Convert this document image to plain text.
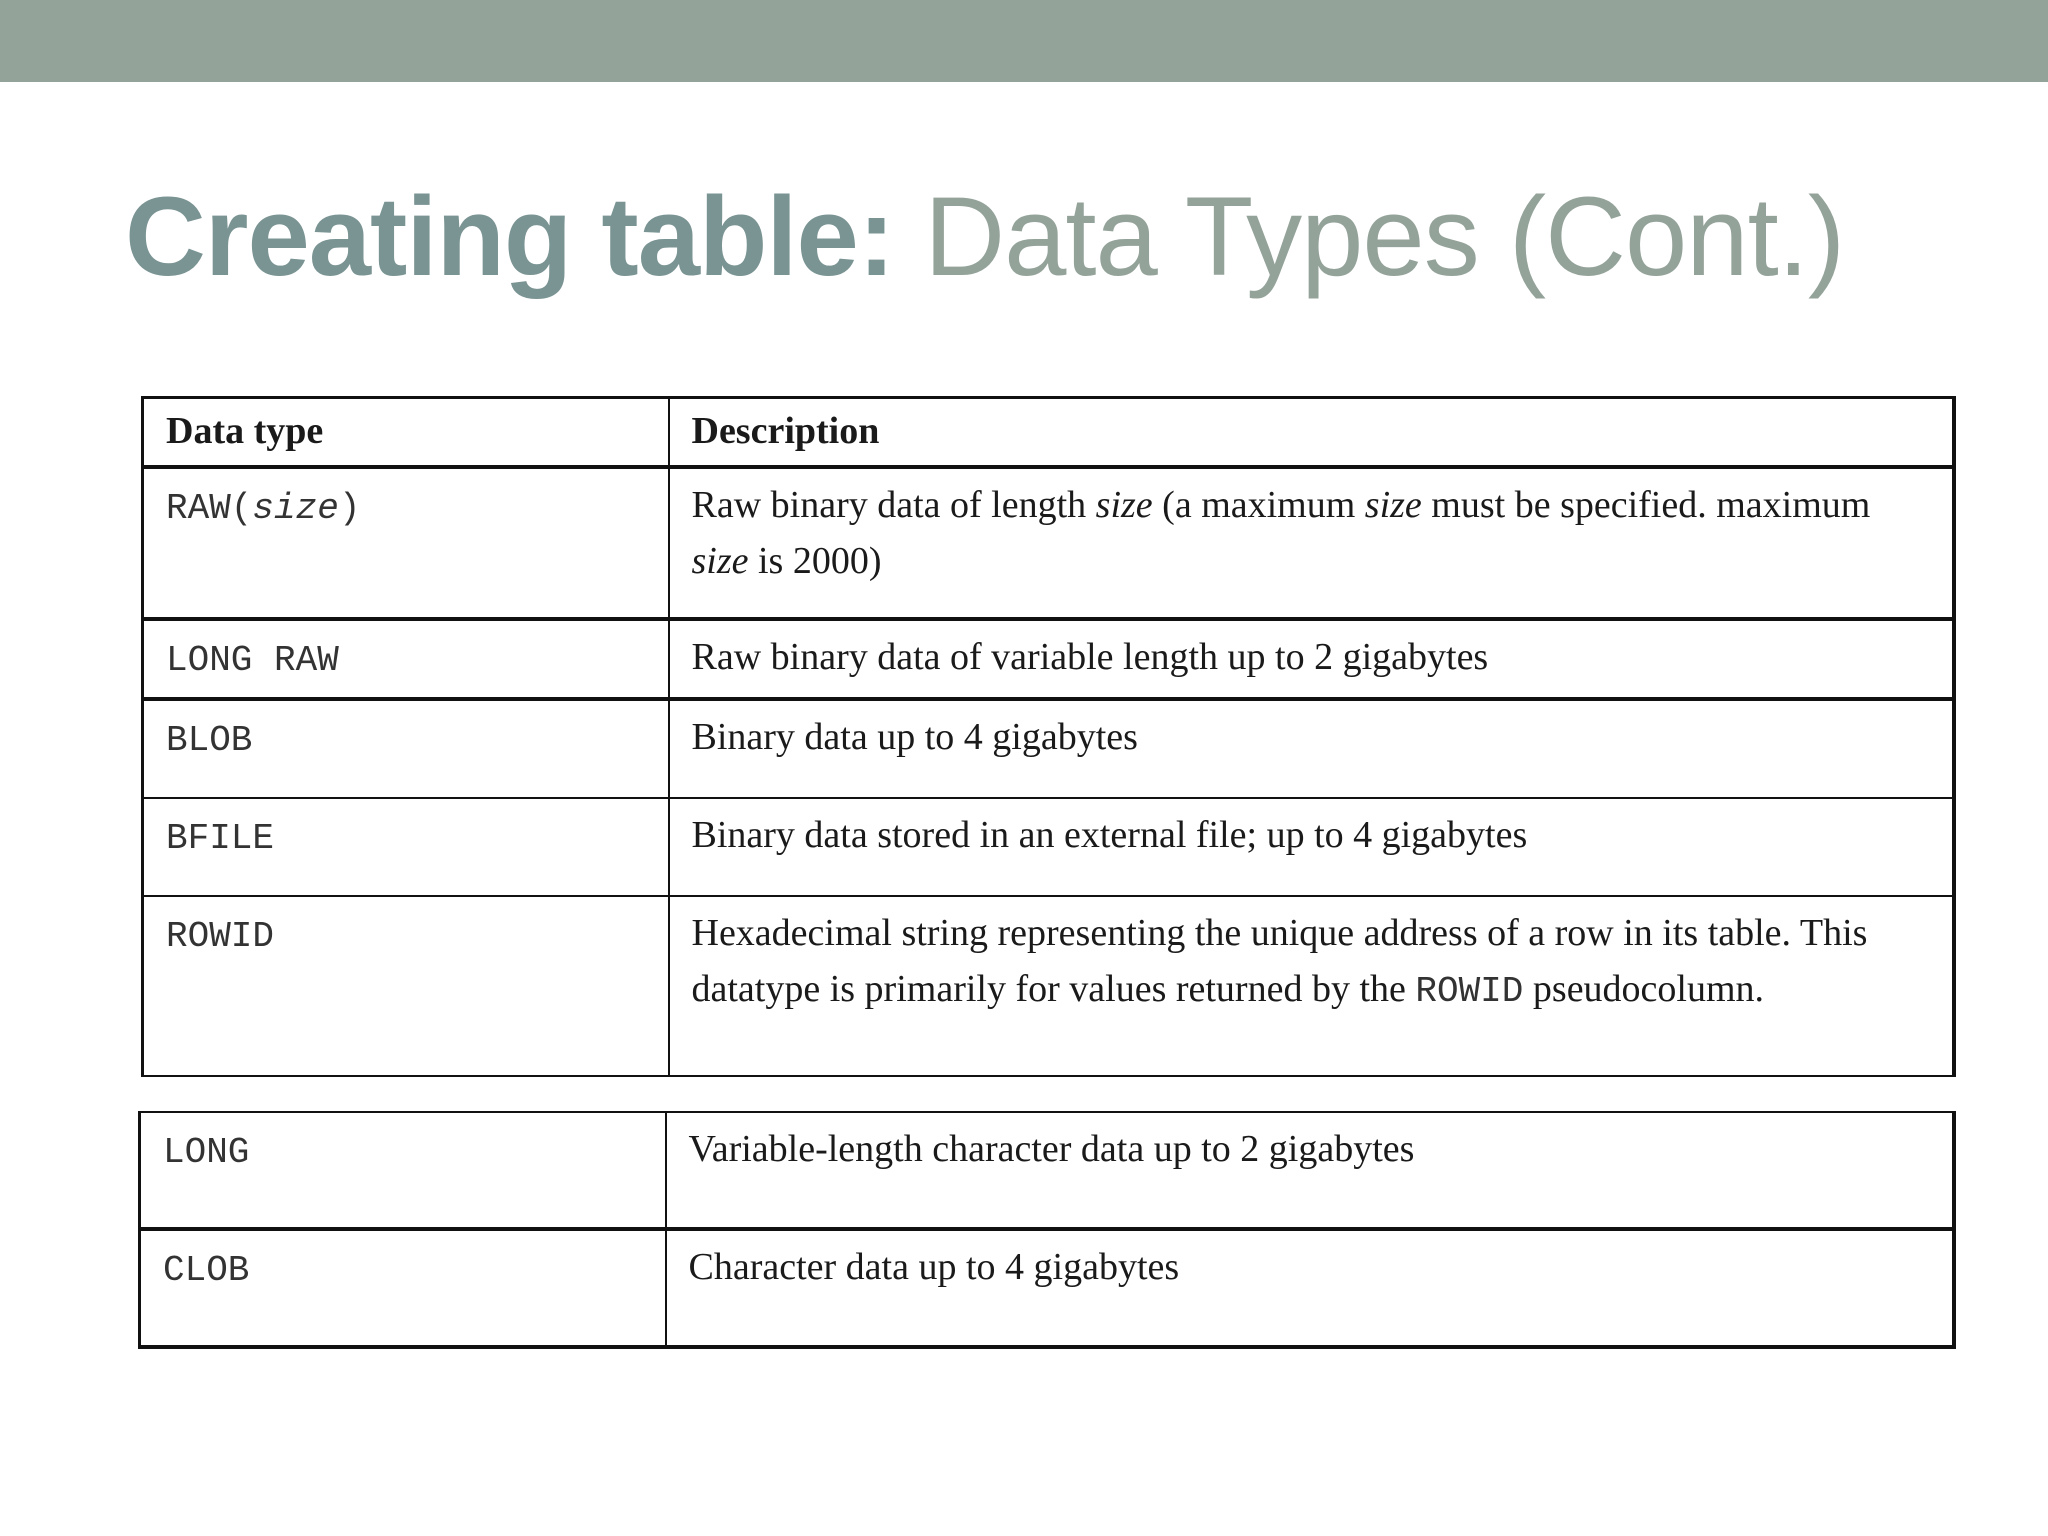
Creating table: Data Types (Cont.)
Data type	Description
RAW(size)	Raw binary data of length size (a maximum size must be specified. maximum size is 2000)
LONG RAW	Raw binary data of variable length up to 2 gigabytes
BLOB	Binary data up to 4 gigabytes
BFILE	Binary data stored in an external file; up to 4 gigabytes
ROWID	Hexadecimal string representing the unique address of a row in its table. This datatype is primarily for values returned by the ROWID pseudocolumn.
LONG	Variable-length character data up to 2 gigabytes
CLOB	Character data up to 4 gigabytes
